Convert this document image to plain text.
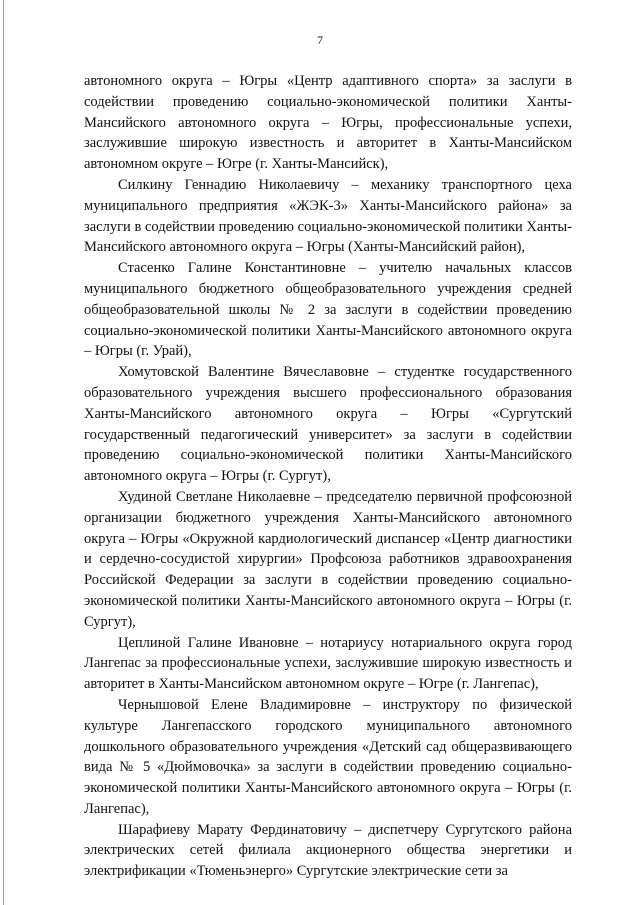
7

автономного округа – Югры «Центр адаптивного спорта» за заслуги в содействии проведению социально-экономической политики Ханты-Мансийского автономного округа – Югры, профессиональные успехи, заслужившие широкую известность и авторитет в Ханты-Мансийском автономном округе – Югре (г. Ханты-Мансийск),

Силкину Геннадию Николаевичу – механику транспортного цеха муниципального предприятия «ЖЭК-3» Ханты-Мансийского района» за заслуги в содействии проведению социально-экономической политики Ханты-Мансийского автономного округа – Югры (Ханты-Мансийский район),

Стасенко Галине Константиновне – учителю начальных классов муниципального бюджетного общеобразовательного учреждения средней общеобразовательной школы № 2 за заслуги в содействии проведению социально-экономической политики Ханты-Мансийского автономного округа – Югры (г. Урай),

Хомутовской Валентине Вячеславовне – студентке государственного образовательного учреждения высшего профессионального образования Ханты-Мансийского автономного округа – Югры «Сургутский государственный педагогический университет» за заслуги в содействии проведению социально-экономической политики Ханты-Мансийского автономного округа – Югры (г. Сургут),

Худиной Светлане Николаевне – председателю первичной профсоюзной организации бюджетного учреждения Ханты-Мансийского автономного округа – Югры «Окружной кардиологический диспансер «Центр диагностики и сердечно-сосудистой хирургии» Профсоюза работников здравоохранения Российской Федерации за заслуги в содействии проведению социально-экономической политики Ханты-Мансийского автономного округа – Югры (г. Сургут),

Цеплиной Галине Ивановне – нотариусу нотариального округа город Лангепас за профессиональные успехи, заслужившие широкую известность и авторитет в Ханты-Мансийском автономном округе – Югре (г. Лангепас),

Чернышовой Елене Владимировне – инструктору по физической культуре Лангепасского городского муниципального автономного дошкольного образовательного учреждения «Детский сад общеразвивающего вида № 5 «Дюймовочка» за заслуги в содействии проведению социально-экономической политики Ханты-Мансийского автономного округа – Югры (г. Лангепас),

Шарафиеву Марату Фердинатовичу – диспетчеру Сургутского района электрических сетей филиала акционерного общества энергетики и электрификации «Тюменьэнерго» Сургутские электрические сети за
